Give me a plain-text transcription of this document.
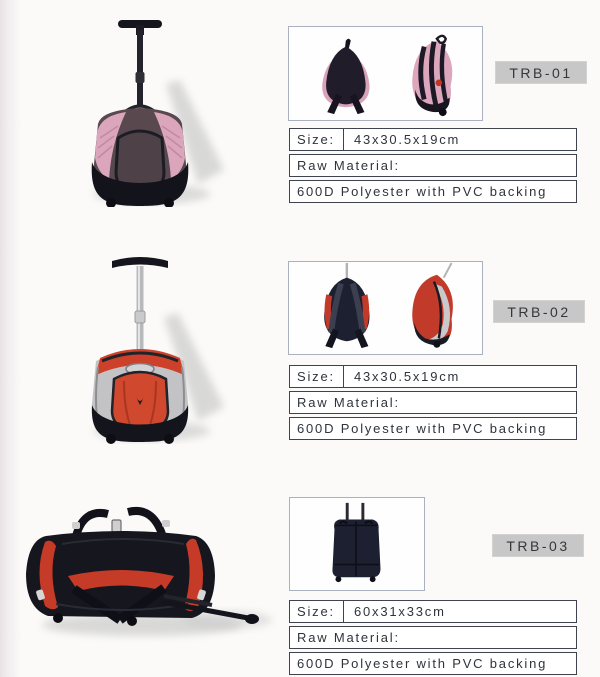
TRB-01
Size:	43x30.5x19cm
Raw Material:
600D Polyester with PVC backing
TRB-02
Size:	43x30.5x19cm
Raw Material:
600D Polyester with PVC backing
TRB-03
Size:	60x31x33cm
Raw Material:
600D Polyester with PVC backing
